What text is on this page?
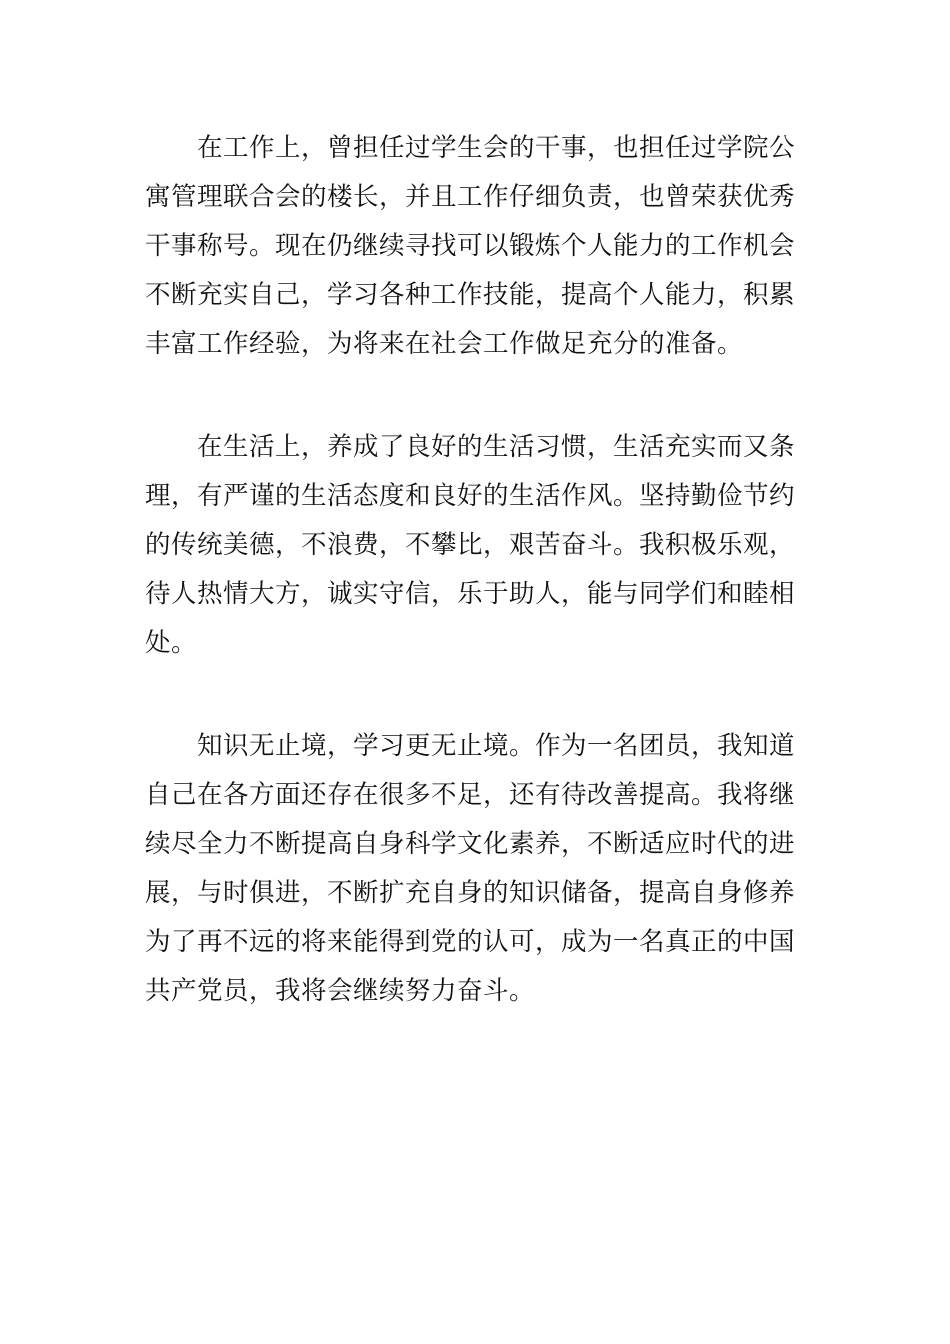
在工作上，曾担任过学生会的干事，也担任过学院公
寓管理联合会的楼长，并且工作仔细负责，也曾荣获优秀
干事称号。现在仍继续寻找可以锻炼个人能力的工作机会
不断充实自己，学习各种工作技能，提高个人能力，积累
丰富工作经验，为将来在社会工作做足充分的准备。
在生活上，养成了良好的生活习惯，生活充实而又条
理，有严谨的生活态度和良好的生活作风。坚持勤俭节约
的传统美德，不浪费，不攀比，艰苦奋斗。我积极乐观，
待人热情大方，诚实守信，乐于助人，能与同学们和睦相
处。
知识无止境，学习更无止境。作为一名团员，我知道
自己在各方面还存在很多不足，还有待改善提高。我将继
续尽全力不断提高自身科学文化素养，不断适应时代的进
展，与时俱进，不断扩充自身的知识储备，提高自身修养
为了再不远的将来能得到党的认可，成为一名真正的中国
共产党员，我将会继续努力奋斗。
